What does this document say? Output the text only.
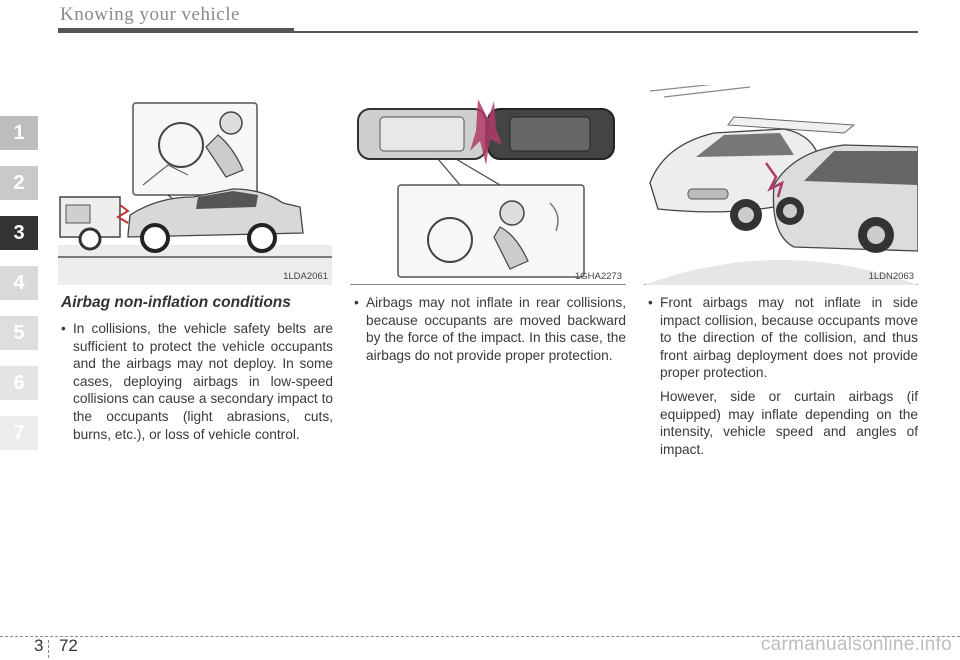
Knowing your vehicle
1
2
3
4
5
6
7
1LDA2061	1GHA2273	1LDN2063
Airbag non-inflation conditions
• In collisions, the vehicle safety belts are sufficient to protect the vehicle occupants and the airbags may not deploy. In some cases, deploying airbags in low-speed collisions can cause a secondary impact to the occupants (light abrasions, cuts, burns, etc.), or loss of vehicle control.

• Airbags may not inflate in rear collisions, because occupants are moved backward by the force of the impact. In this case, the airbags do not provide proper protection.

• Front airbags may not inflate in side impact collision, because occupants move to the direction of the collision, and thus front airbag deployment does not provide proper protection.

However, side or curtain airbags (if equipped) may inflate depending on the intensity, vehicle speed and angles of impact.

3 72	carmanualsonline.info
